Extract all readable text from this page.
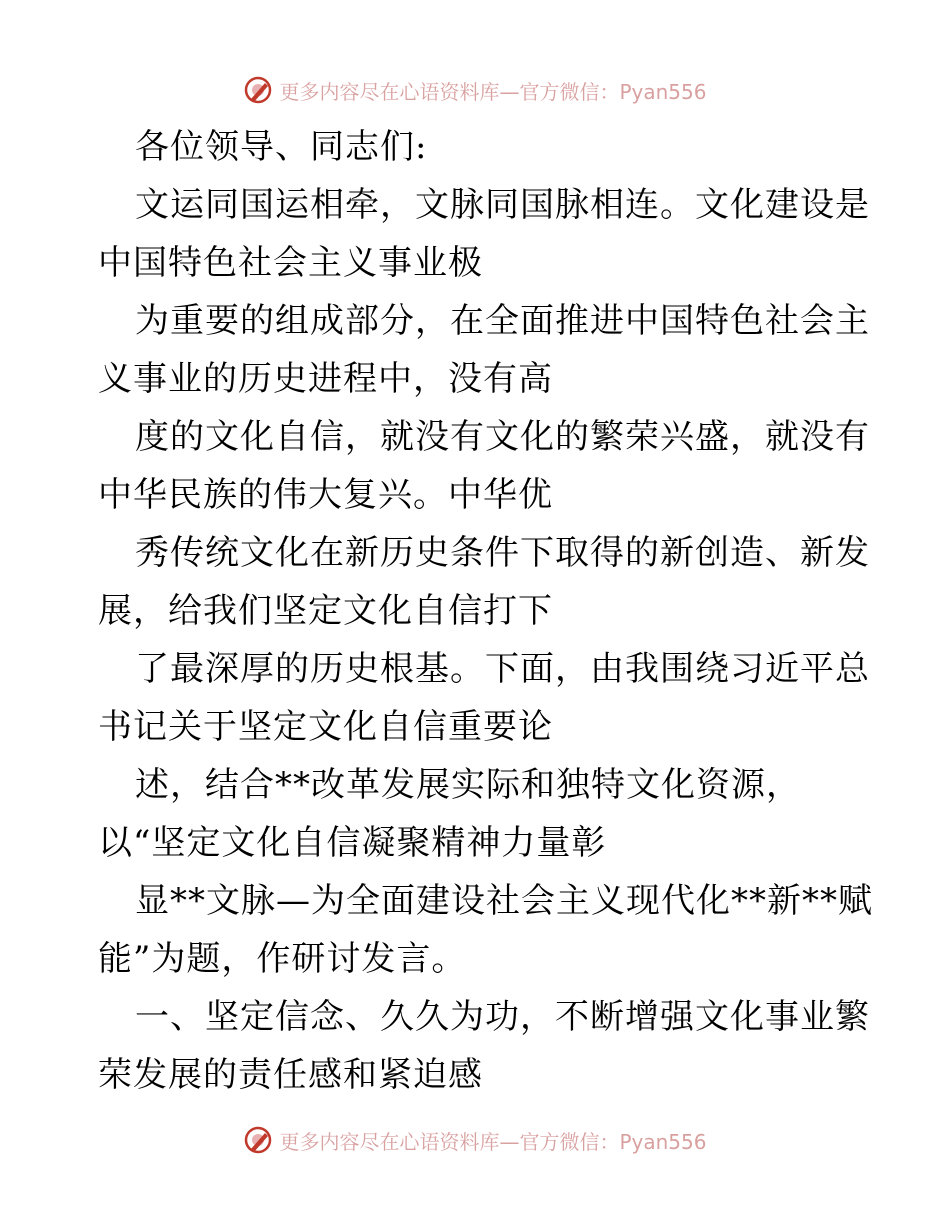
更多内容尽在心语资料库—官方微信：Pyan556
各位领导、同志们:
文运同国运相牵，文脉同国脉相连。文化建设是
中国特色社会主义事业极
为重要的组成部分，在全面推进中国特色社会主
义事业的历史进程中，没有高
度的文化自信，就没有文化的繁荣兴盛，就没有
中华民族的伟大复兴。中华优
秀传统文化在新历史条件下取得的新创造、新发
展，给我们坚定文化自信打下
了最深厚的历史根基。下面，由我围绕习近平总
书记关于坚定文化自信重要论
述，结合**改革发展实际和独特文化资源，
以“坚定文化自信凝聚精神力量彰
显**文脉—为全面建设社会主义现代化**新**赋
能”为题，作研讨发言。
一、坚定信念、久久为功，不断增强文化事业繁
荣发展的责任感和紧迫感
更多内容尽在心语资料库—官方微信：Pyan556
